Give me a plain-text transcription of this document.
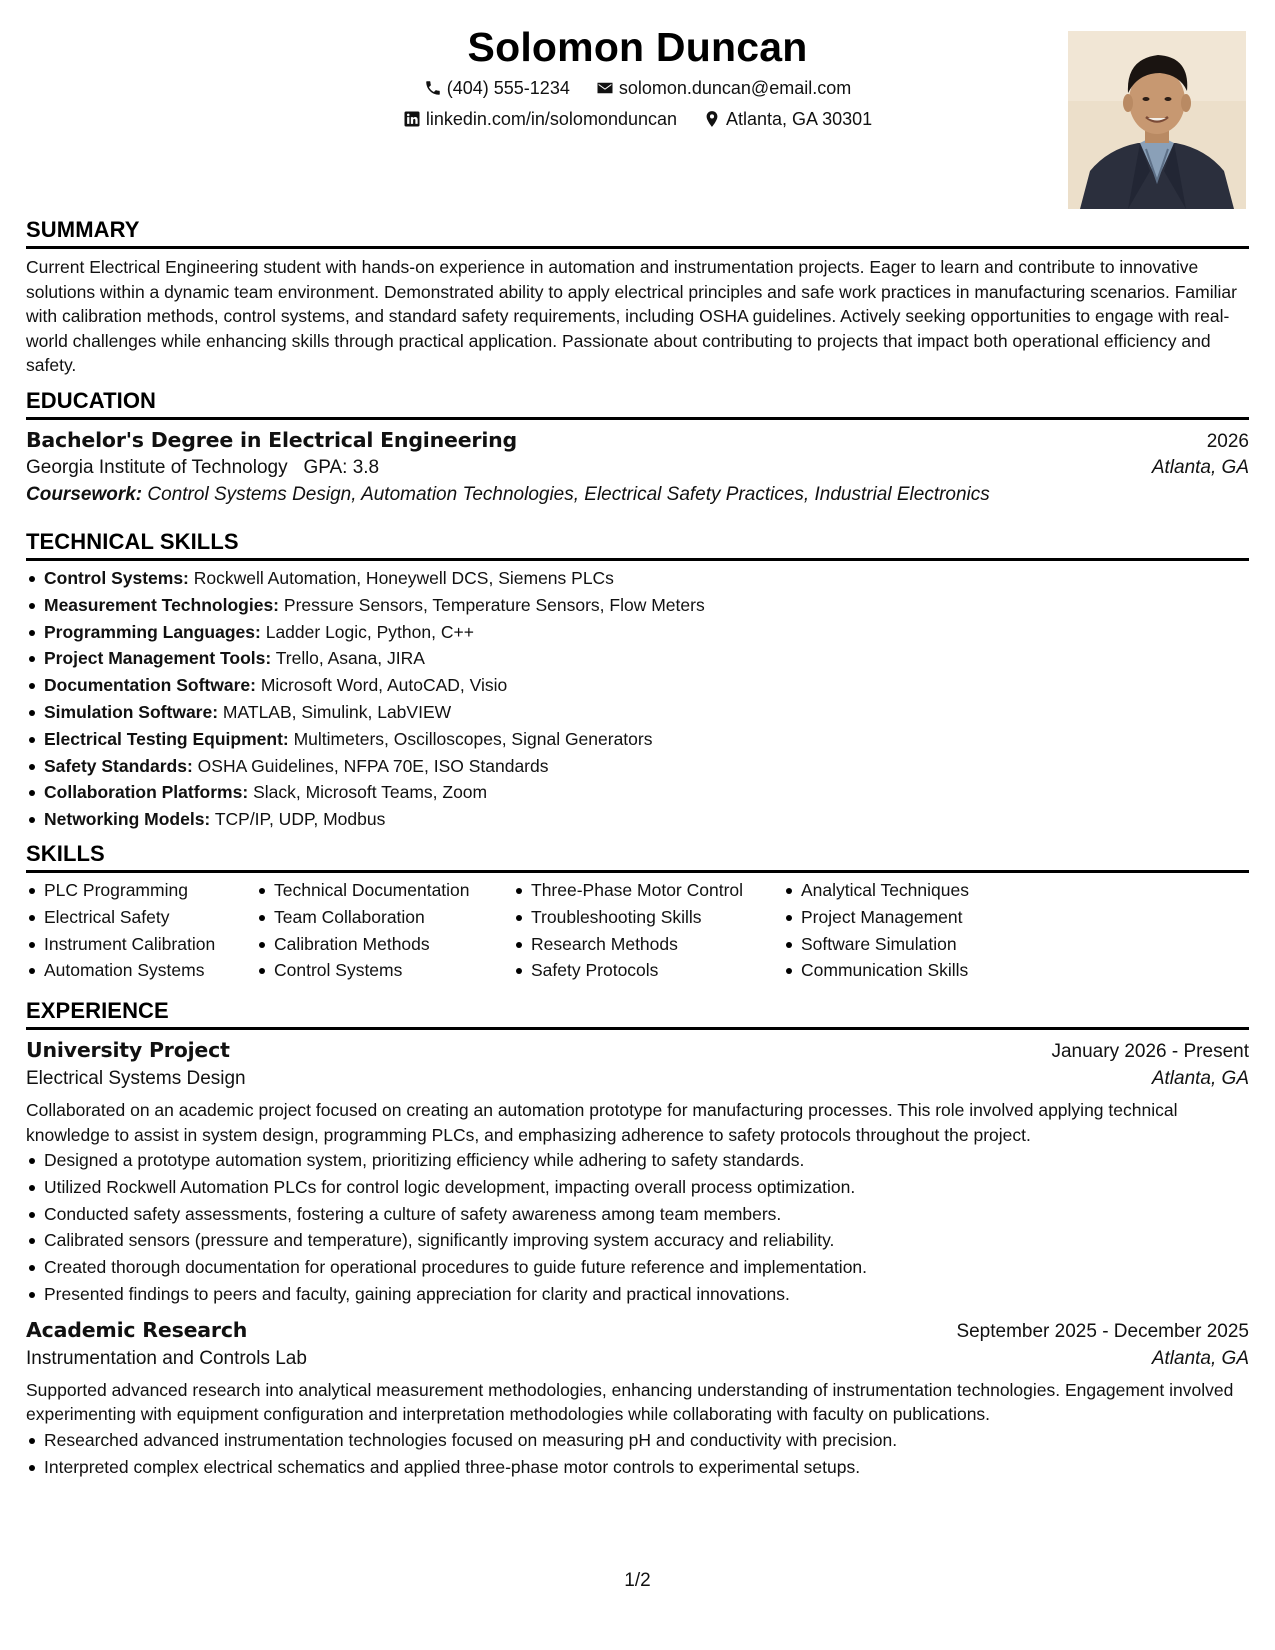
Solomon Duncan
(404) 555-1234	solomon.duncan@email.com
linkedin.com/in/solomonduncan	Atlanta, GA 30301
SUMMARY
Current Electrical Engineering student with hands-on experience in automation and instrumentation projects. Eager to learn and contribute to innovative solutions within a dynamic team environment. Demonstrated ability to apply electrical principles and safe work practices in manufacturing scenarios. Familiar with calibration methods, control systems, and standard safety requirements, including OSHA guidelines. Actively seeking opportunities to engage with real-world challenges while enhancing skills through practical application. Passionate about contributing to projects that impact both operational efficiency and safety.
EDUCATION
Bachelor's Degree in Electrical Engineering	2026
Georgia Institute of Technology GPA: 3.8	Atlanta, GA
Coursework: Control Systems Design, Automation Technologies, Electrical Safety Practices, Industrial Electronics
TECHNICAL SKILLS
Control Systems: Rockwell Automation, Honeywell DCS, Siemens PLCs
Measurement Technologies: Pressure Sensors, Temperature Sensors, Flow Meters
Programming Languages: Ladder Logic, Python, C++
Project Management Tools: Trello, Asana, JIRA
Documentation Software: Microsoft Word, AutoCAD, Visio
Simulation Software: MATLAB, Simulink, LabVIEW
Electrical Testing Equipment: Multimeters, Oscilloscopes, Signal Generators
Safety Standards: OSHA Guidelines, NFPA 70E, ISO Standards
Collaboration Platforms: Slack, Microsoft Teams, Zoom
Networking Models: TCP/IP, UDP, Modbus
SKILLS
PLC Programming
Electrical Safety
Instrument Calibration
Automation Systems
Technical Documentation
Team Collaboration
Calibration Methods
Control Systems
Three-Phase Motor Control
Troubleshooting Skills
Research Methods
Safety Protocols
Analytical Techniques
Project Management
Software Simulation
Communication Skills
EXPERIENCE
University Project	January 2026 - Present
Electrical Systems Design	Atlanta, GA
Collaborated on an academic project focused on creating an automation prototype for manufacturing processes. This role involved applying technical knowledge to assist in system design, programming PLCs, and emphasizing adherence to safety protocols throughout the project.
Designed a prototype automation system, prioritizing efficiency while adhering to safety standards.
Utilized Rockwell Automation PLCs for control logic development, impacting overall process optimization.
Conducted safety assessments, fostering a culture of safety awareness among team members.
Calibrated sensors (pressure and temperature), significantly improving system accuracy and reliability.
Created thorough documentation for operational procedures to guide future reference and implementation.
Presented findings to peers and faculty, gaining appreciation for clarity and practical innovations.
Academic Research	September 2025 - December 2025
Instrumentation and Controls Lab	Atlanta, GA
Supported advanced research into analytical measurement methodologies, enhancing understanding of instrumentation technologies. Engagement involved experimenting with equipment configuration and interpretation methodologies while collaborating with faculty on publications.
Researched advanced instrumentation technologies focused on measuring pH and conductivity with precision.
Interpreted complex electrical schematics and applied three-phase motor controls to experimental setups.
1/2
